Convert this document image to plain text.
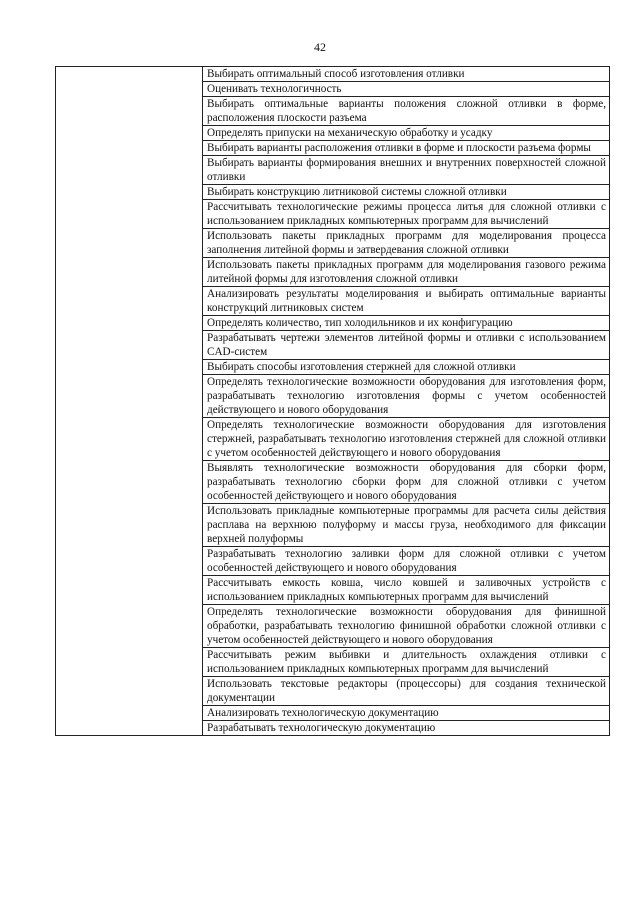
42
	Выбирать оптимальный способ изготовления отливки
Оценивать технологичность
Выбирать оптимальные варианты положения сложной отливки в форме, расположения плоскости разъема
Определять припуски на механическую обработку и усадку
Выбирать варианты расположения отливки в форме и плоскости разъема формы
Выбирать варианты формирования внешних и внутренних поверхностей сложной отливки
Выбирать конструкцию литниковой системы сложной отливки
Рассчитывать технологические режимы процесса литья для сложной отливки с использованием прикладных компьютерных программ для вычислений
Использовать пакеты прикладных программ для моделирования процесса заполнения литейной формы и затвердевания сложной отливки
Использовать пакеты прикладных программ для моделирования газового режима литейной формы для изготовления сложной отливки
Анализировать результаты моделирования и выбирать оптимальные варианты конструкций литниковых систем
Определять количество, тип холодильников и их конфигурацию
Разрабатывать чертежи элементов литейной формы и отливки с использованием CAD-систем
Выбирать способы изготовления стержней для сложной отливки
Определять технологические возможности оборудования для изготовления форм, разрабатывать технологию изготовления формы с учетом особенностей действующего и нового оборудования
Определять технологические возможности оборудования для изготовления стержней, разрабатывать технологию изготовления стержней для сложной отливки с учетом особенностей действующего и нового оборудования
Выявлять технологические возможности оборудования для сборки форм, разрабатывать технологию сборки форм для сложной отливки с учетом особенностей действующего и нового оборудования
Использовать прикладные компьютерные программы для расчета силы действия расплава на верхнюю полуформу и массы груза, необходимого для фиксации верхней полуформы
Разрабатывать технологию заливки форм для сложной отливки с учетом особенностей действующего и нового оборудования
Рассчитывать емкость ковша, число ковшей и заливочных устройств с использованием прикладных компьютерных программ для вычислений
Определять технологические возможности оборудования для финишной обработки, разрабатывать технологию финишной обработки сложной отливки с учетом особенностей действующего и нового оборудования
Рассчитывать режим выбивки и длительность охлаждения отливки с использованием прикладных компьютерных программ для вычислений
Использовать текстовые редакторы (процессоры) для создания технической документации
Анализировать технологическую документацию
Разрабатывать технологическую документацию
